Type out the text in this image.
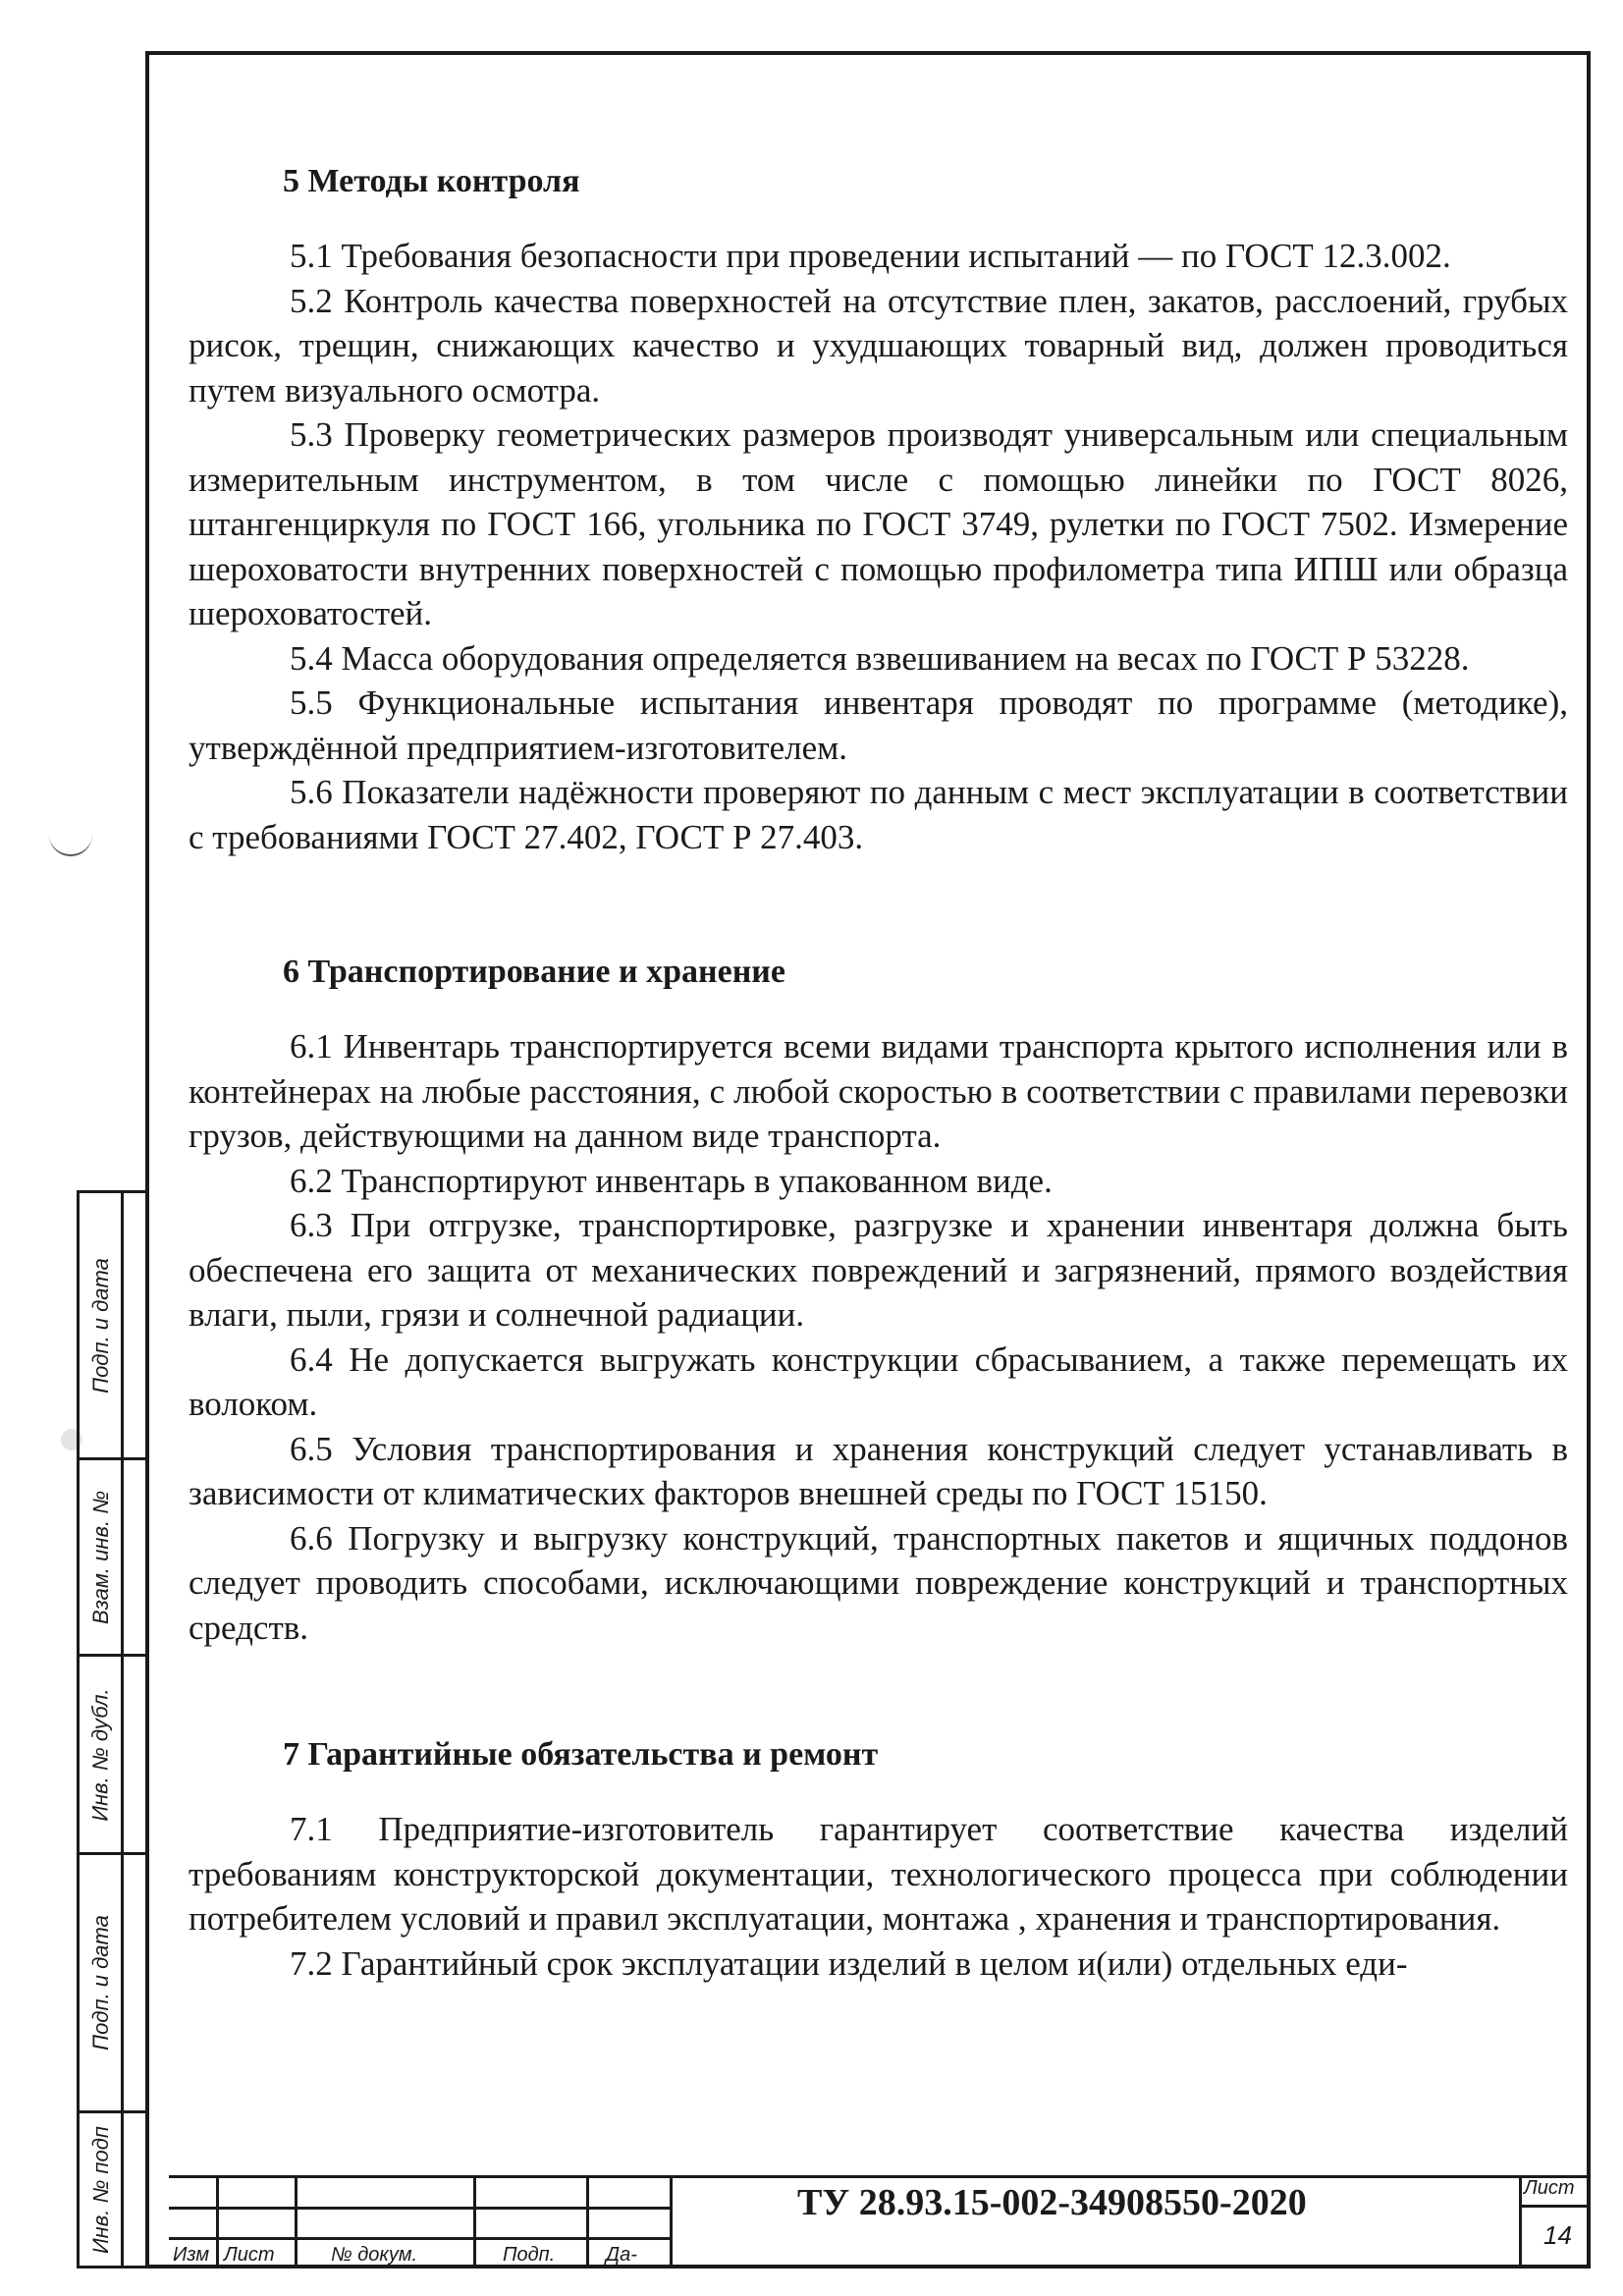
5 Методы контроля

5.1 Требования безопасности при проведении испытаний — по ГОСТ 12.3.002.

5.2 Контроль качества поверхностей на отсутствие плен, закатов, расслоений, грубых рисок, трещин, снижающих качество и ухудшающих товарный вид, должен проводиться путем визуального осмотра.

5.3 Проверку геометрических размеров производят универсальным или специальным измерительным инструментом, в том числе с помощью линейки по ГОСТ 8026, штангенциркуля по ГОСТ 166, угольника по ГОСТ 3749, рулетки по ГОСТ 7502. Измерение шероховатости внутренних поверхностей с помощью профилометра типа ИПШ или образца шероховатостей.

5.4 Масса оборудования определяется взвешиванием на весах по ГОСТ Р 53228.

5.5 Функциональные испытания инвентаря проводят по программе (методике), утверждённой предприятием-изготовителем.

5.6 Показатели надёжности проверяют по данным с мест эксплуатации в соответствии с требованиями ГОСТ 27.402, ГОСТ Р 27.403.

6 Транспортирование и хранение

6.1 Инвентарь транспортируется всеми видами транспорта крытого исполнения или в контейнерах на любые расстояния, с любой скоростью в соответствии с правилами перевозки грузов, действующими на данном виде транспорта.

6.2 Транспортируют инвентарь в упакованном виде.

6.3 При отгрузке, транспортировке, разгрузке и хранении инвентаря должна быть обеспечена его защита от механических повреждений и загрязнений, прямого воздействия влаги, пыли, грязи и солнечной радиации.

6.4 Не допускается выгружать конструкции сбрасыванием, а также перемещать их волоком.

6.5 Условия транспортирования и хранения конструкций следует устанавливать в зависимости от климатических факторов внешней среды по ГОСТ 15150.

6.6 Погрузку и выгрузку конструкций, транспортных пакетов и ящичных поддонов следует проводить способами, исключающими повреждение конструкций и транспортных средств.

7 Гарантийные обязательства и ремонт

7.1 Предприятие-изготовитель гарантирует соответствие качества изделий требованиям конструкторской документации, технологического процесса при соблюдении потребителем условий и правил эксплуатации, монтажа , хранения и транспортирования.

7.2 Гарантийный срок эксплуатации изделий в целом и(или) отдельных еди-

Подп. и дата
Взам. инв. №
Инв. № дубл.
Подп. и дата
Инв. № подп
Изм Лист	№ докум.	Подп.	Да-
ТУ 28.93.15-002-34908550-2020	Лист
14
